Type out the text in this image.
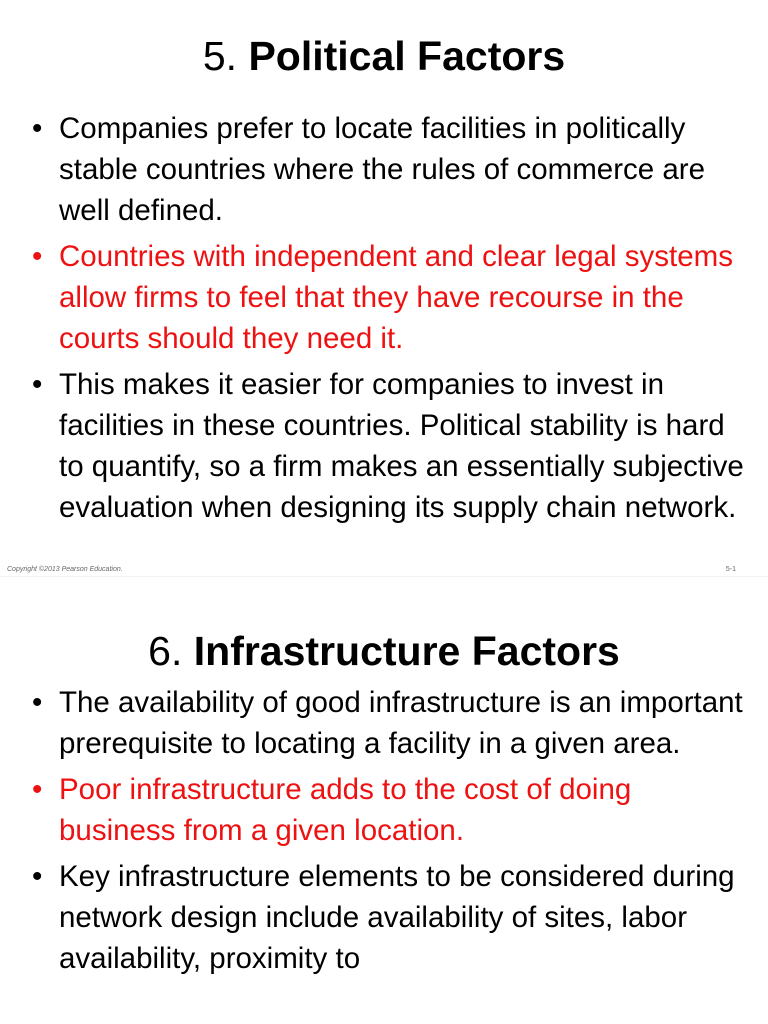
5. Political Factors
• Companies prefer to locate facilities in politically stable countries where the rules of commerce are well defined.
• Countries with independent and clear legal systems allow firms to feel that they have recourse in the courts should they need it.
• This makes it easier for companies to invest in facilities in these countries. Political stability is hard to quantify, so a firm makes an essentially subjective evaluation when designing its supply chain network.
Copyright ©2013 Pearson Education.	5-1
6. Infrastructure Factors
• The availability of good infrastructure is an important prerequisite to locating a facility in a given area.
• Poor infrastructure adds to the cost of doing business from a given location.
• Key infrastructure elements to be considered during network design include availability of sites, labor availability, proximity to
